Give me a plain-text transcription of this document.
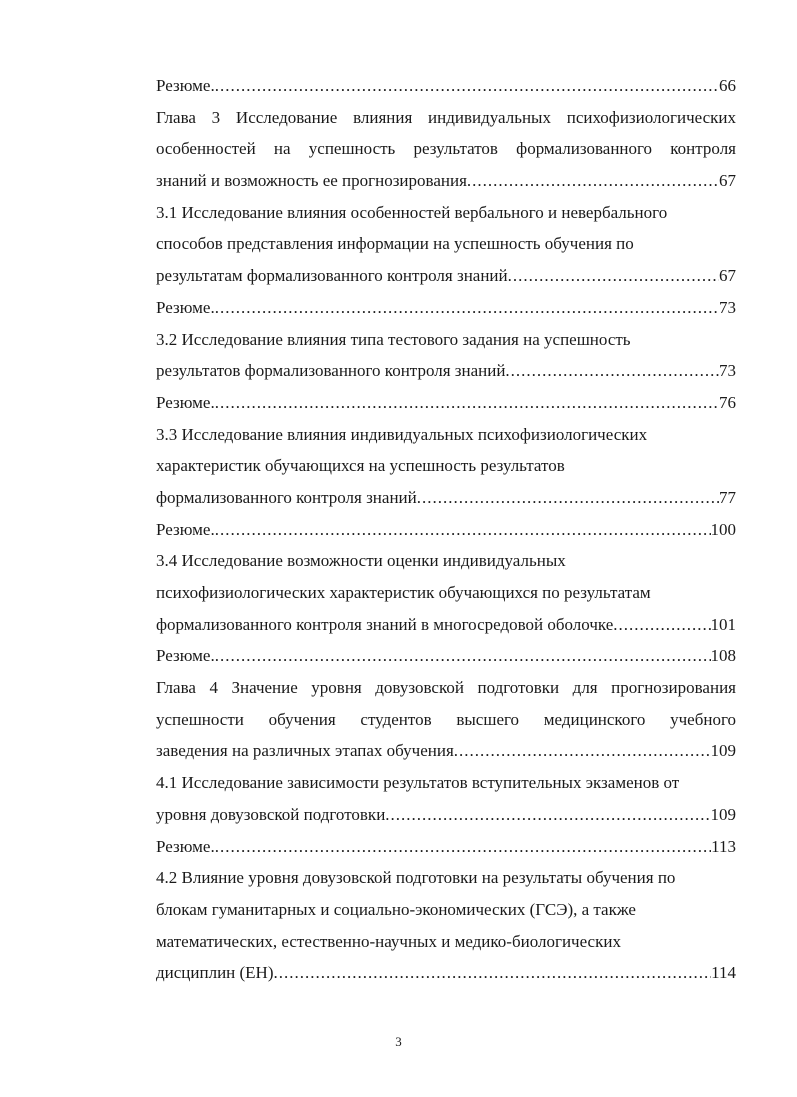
Резюме. .....	66
Глава 3 Исследование влияния индивидуальных психофизиологических
особенностей на успешность результатов формализованного контроля
знаний и возможность ее прогнозирования .....	67
3.1 Исследование влияния особенностей вербального и невербального
способов представления информации на успешность обучения по
результатам формализованного контроля знаний .....	67
Резюме. .....	73
3.2 Исследование влияния типа тестового задания на успешность
результатов формализованного контроля знаний .....	73
Резюме. .....	76
3.3 Исследование влияния индивидуальных психофизиологических
характеристик обучающихся на успешность результатов
формализованного контроля знаний .....	77
Резюме. .....	100
3.4 Исследование возможности оценки индивидуальных
психофизиологических характеристик обучающихся по результатам
формализованного контроля знаний в многосредовой оболочке .....	101
Резюме. .....	108
Глава 4 Значение уровня довузовской подготовки для прогнозирования
успешности обучения студентов высшего медицинского учебного
заведения на различных этапах обучения .....	109
4.1 Исследование зависимости результатов вступительных экзаменов от
уровня довузовской подготовки .....	109
Резюме. .....	113
4.2 Влияние уровня довузовской подготовки на результаты обучения по
блокам гуманитарных и социально-экономических (ГСЭ), а также
математических, естественно-научных и медико-биологических
дисциплин (ЕН) .....	114
3
